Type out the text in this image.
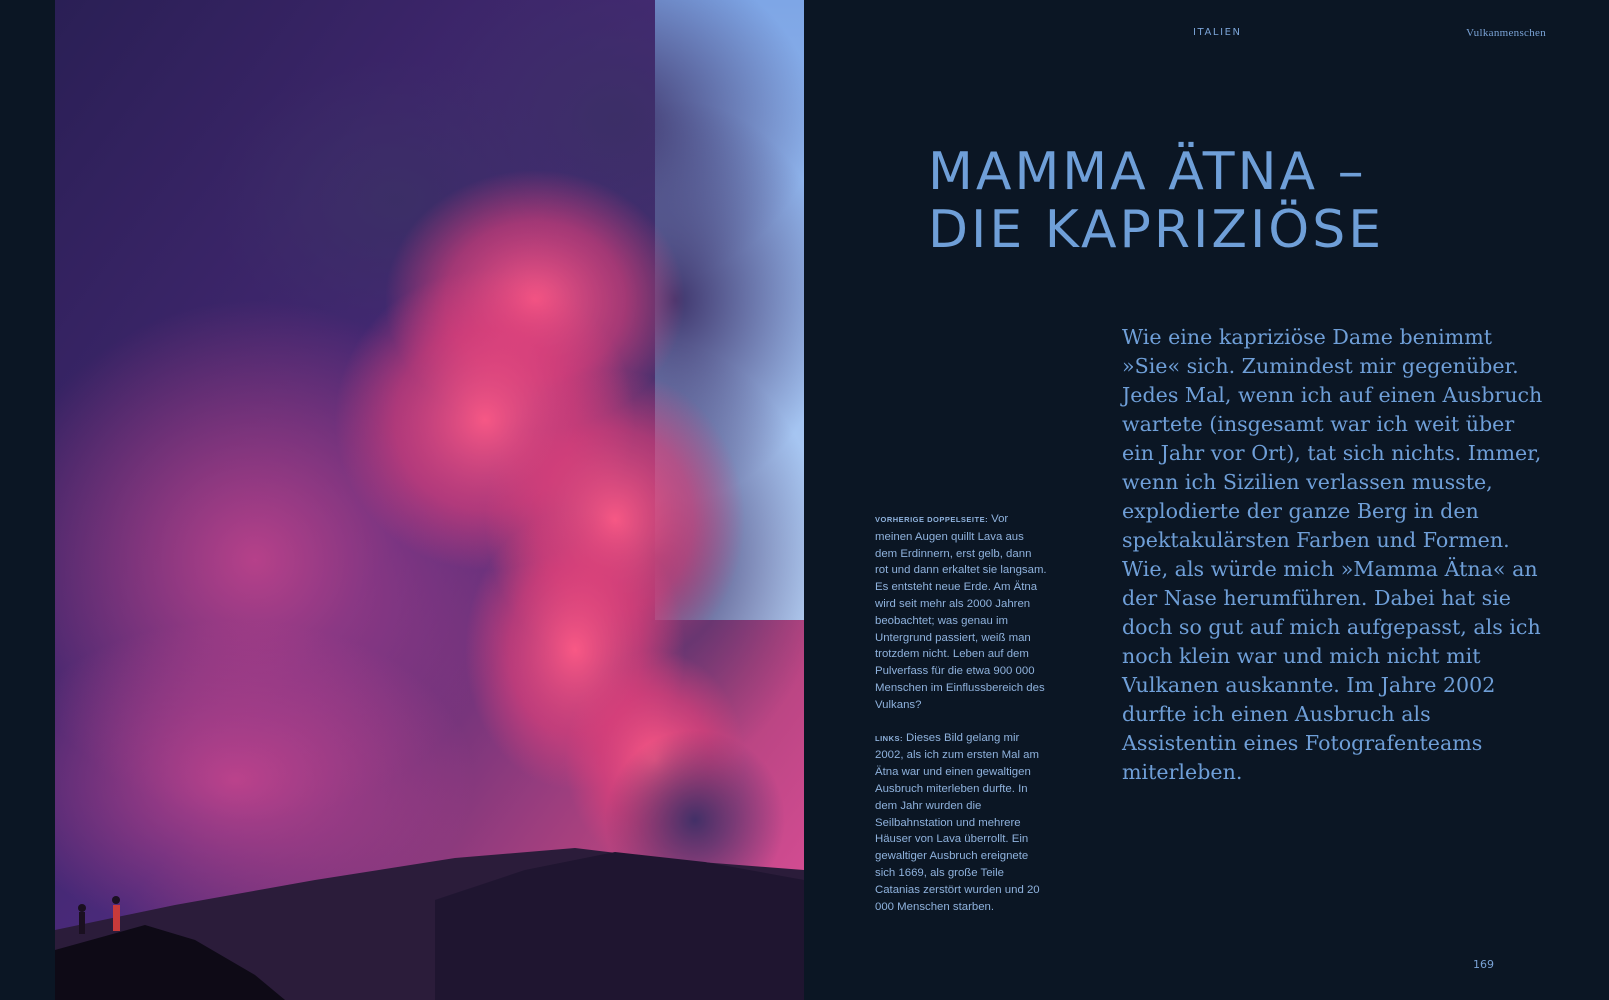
ITALIEN	Vulkanmenschen
MAMMA ÄTNA –
DIE KAPRIZIÖSE

VORHERIGE DOPPELSEITE: Vor meinen Augen quillt Lava aus dem Erdinnern, erst gelb, dann rot und dann erkaltet sie langsam. Es entsteht neue Erde. Am Ätna wird seit mehr als 2000 Jahren beobachtet; was genau im Untergrund passiert, weiß man trotzdem nicht. Leben auf dem Pulverfass für die etwa 900 000 Menschen im Einflussbereich des Vulkans?

LINKS: Dieses Bild gelang mir 2002, als ich zum ersten Mal am Ätna war und einen gewaltigen Ausbruch miterleben durfte. In dem Jahr wurden die Seilbahnstation und mehrere Häuser von Lava überrollt. Ein gewaltiger Ausbruch ereignete sich 1669, als große Teile Catanias zerstört wurden und 20 000 Menschen starben.

Wie eine kapriziöse Dame benimmt »Sie« sich. Zumindest mir gegenüber. Jedes Mal, wenn ich auf einen Ausbruch wartete (insgesamt war ich weit über ein Jahr vor Ort), tat sich nichts. Immer, wenn ich Sizilien verlassen musste, explodierte der ganze Berg in den spektakulärsten Farben und Formen. Wie, als würde mich »Mamma Ätna« an der Nase herumführen. Dabei hat sie doch so gut auf mich aufgepasst, als ich noch klein war und mich nicht mit Vulkanen auskannte. Im Jahre 2002 durfte ich einen Ausbruch als Assistentin eines Fotografenteams miterleben.

169
